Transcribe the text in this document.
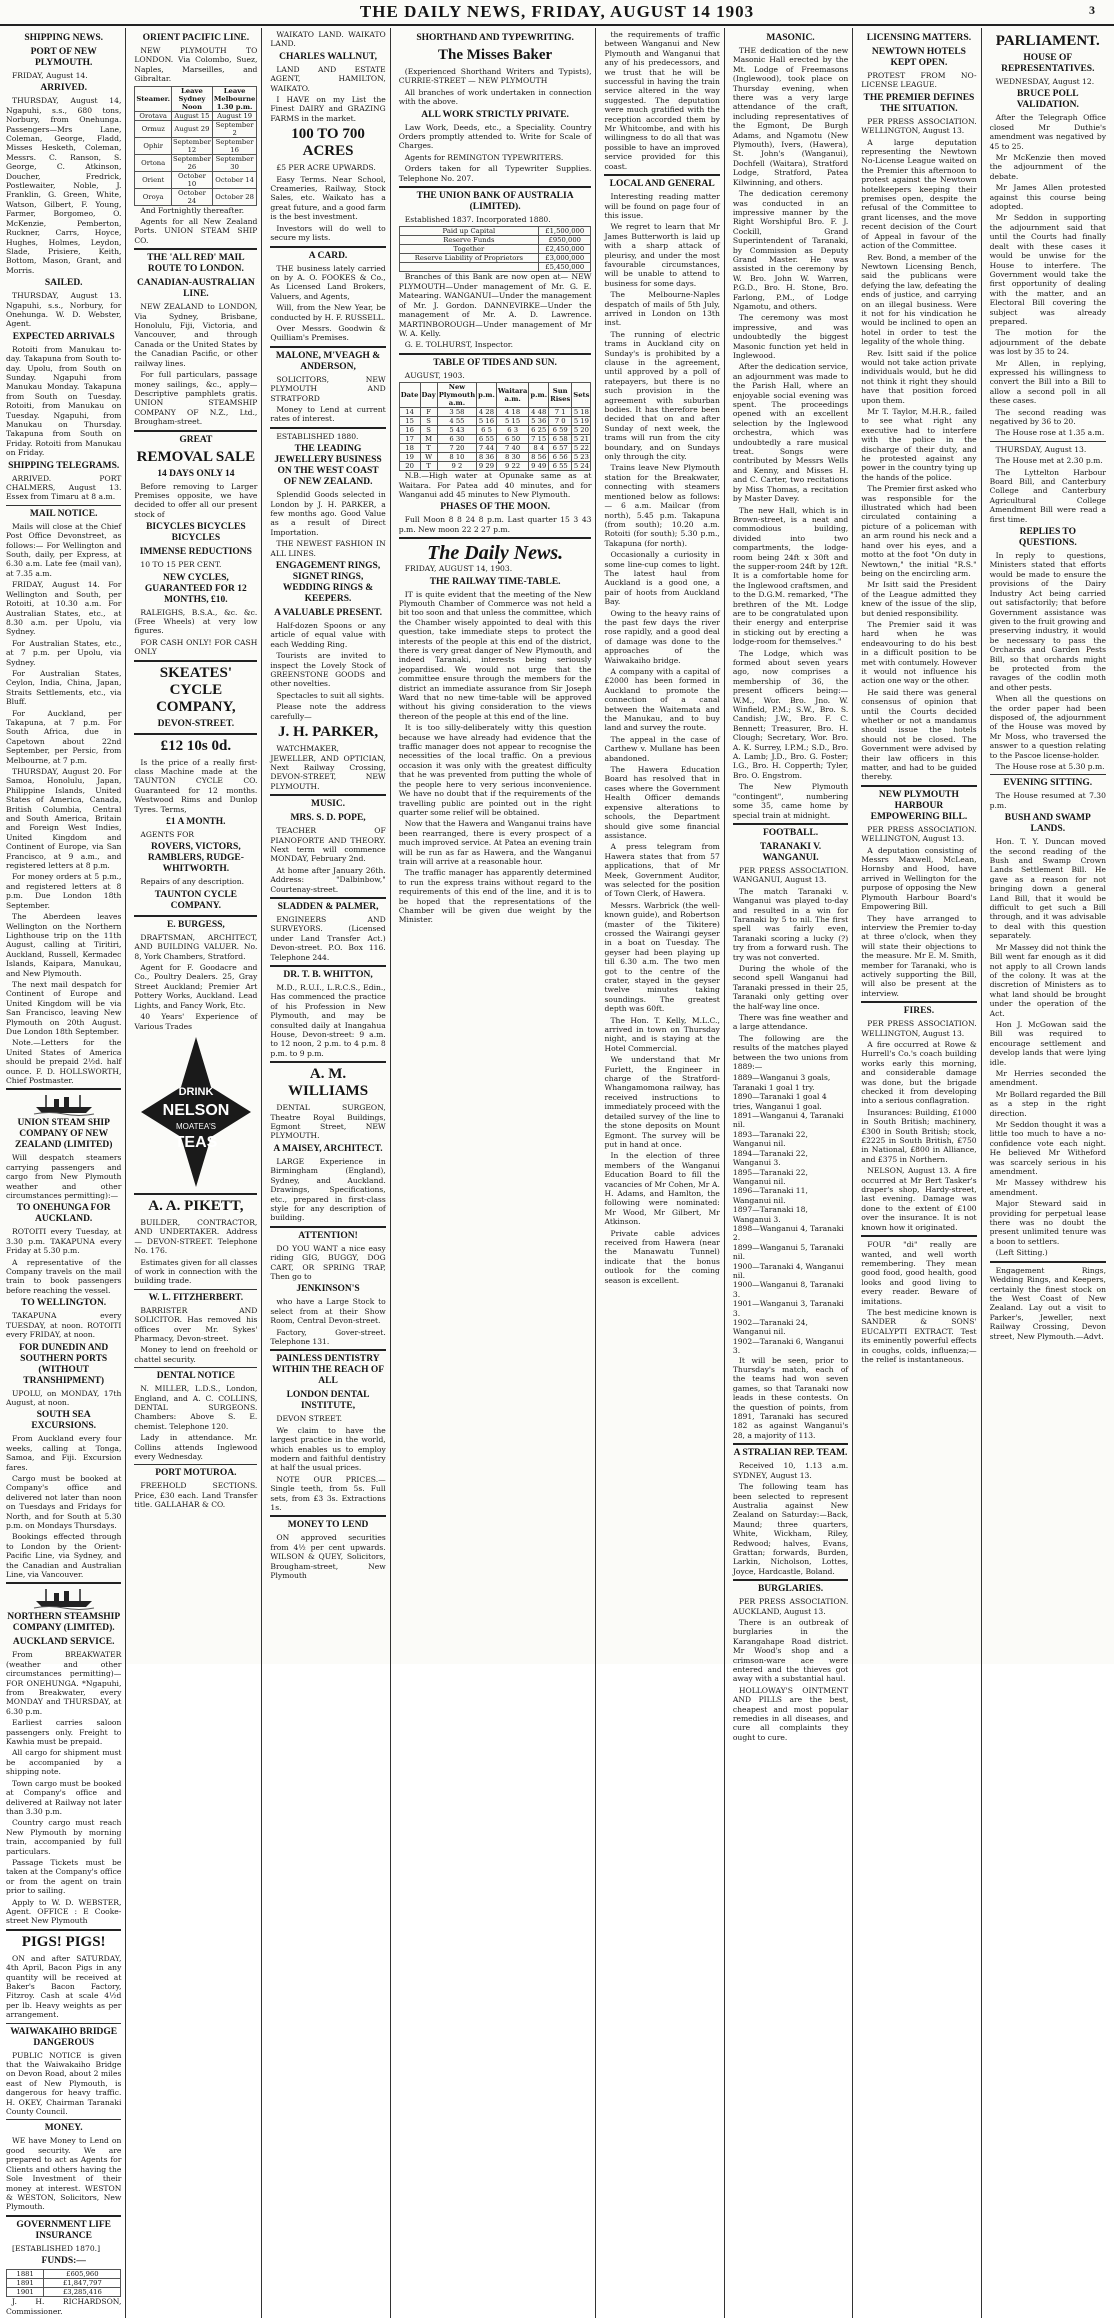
THE DAILY NEWS, FRIDAY, AUGUST 14 1903	3
SHIPPING NEWS.
PORT OF NEW PLYMOUTH.

FRIDAY, August 14.

ARRIVED.

THURSDAY, August 14, Ngapuhi, s.s., 680 tons, Norbury, from Onehunga. Passengers—Mrs Lane, Coleman, George, Fladd, Misses Hesketh, Coleman, Messrs. C. Ranson, S. George, C. Atkinson, Doucher, Fredrick, Postlewaiter, Noble, J. Franklin, G. Green, White, Watson, Gilbert, F. Young, Farmer, Borgomeo, O. McKenzie, Pemberton, Ruckner, Carrs, Hoyce, Hughes, Holmes, Leydon, Slade, Prisiere, Keith, Bottom, Mason, Grant, and Morris.

SAILED.

THURSDAY, August 13. Ngapuhi, s.s., Norbury, for Onehunga. W. D. Webster, Agent.

EXPECTED ARRIVALS

Rotoiti from Manukau to-day. Takapuna from South to-day. Upolu, from South on Sunday. Ngapuhi from Manukau Monday. Takapuna from South on Tuesday. Rotoiti, from Manukau on Tuesday. Ngapuhi, from Manukau on Thursday. Takapuna from South on Friday. Rotoiti from Manukau on Friday.

SHIPPING TELEGRAMS.

ARRIVED. PORT CHALMERS, August 13. Essex from Timaru at 8 a.m.

MAIL NOTICE.

Mails will close at the Chief Post Office Devonstreet, as follows:— For Wellington and South, daily, per Express, at 6.30 a.m. Late fee (mail van), at 7.35 a.m.

FRIDAY, August 14. For Wellington and South, per Rotoiti, at 10.30 a.m. For Australian States, etc., at 8.30 a.m. per Upolu, via Sydney.

For Australian States, etc., at 7 p.m. per Upolu, via Sydney.

For Australian States, Ceylon, India, China, Japan, Straits Settlements, etc., via Bluff.

For Auckland, per Takapuna, at 7 p.m. For South Africa, due in Capetown about 22nd September, per Persic, from Melbourne, at 7 p.m.

THURSDAY, August 20. For Samoa, Honolulu, Japan, Philippine Islands, United States of America, Canada, British Columbia, Central and South America, Britain and Foreign West Indies, United Kingdom and Continent of Europe, via San Francisco, at 9 a.m., and registered letters at 8 p.m.

For money orders at 5 p.m., and registered letters at 8 p.m. Due London 18th September.

The Aberdeen leaves Wellington on the Northern Lighthouse trip on the 11th August, calling at Tiritiri, Auckland, Russell, Kermadec Islands, Kaipara, Manukau, and New Plymouth.

The next mail despatch for Continent of Europe and United Kingdom will be via San Francisco, leaving New Plymouth on 20th August. Due London 18th September.

Note.—Letters for the United States of America should be prepaid 2½d. half ounce. F. D. HOLLSWORTH, Chief Postmaster.

UNION STEAM SHIP COMPANY OF NEW ZEALAND (LIMITED)

Will despatch steamers carrying passengers and cargo from New Plymouth weather and other circumstances permitting):—

TO ONEHUNGA FOR AUCKLAND.

ROTOITI every Tuesday, at 3.30 p.m. TAKAPUNA every Friday at 5.30 p.m.

A representative of the Company travels on the mail train to book passengers before reaching the vessel.

TO WELLINGTON.

TAKAPUNA every TUESDAY, at noon. ROTOITI every FRIDAY, at noon.

FOR DUNEDIN AND SOUTHERN PORTS (WITHOUT TRANSHIPMENT)

UPOLU, on MONDAY, 17th August, at noon.

SOUTH SEA EXCURSIONS.

From Auckland every four weeks, calling at Tonga, Samoa, and Fiji. Excursion fares.

Cargo must be booked at Company's office and delivered not later than noon on Tuesdays and Fridays for North, and for South at 5.30 p.m. on Mondays Thursdays.

Bookings effected through to London by the Orient-Pacific Line, via Sydney, and the Canadian and Australian Line, via Vancouver.

NORTHERN STEAMSHIP COMPANY (LIMITED).
AUCKLAND SERVICE.

From BREAKWATER (weather and other circumstances permitting)— FOR ONEHUNGA. *Ngapuhi, from Breakwater, every MONDAY and THURSDAY, at 6.30 p.m.

Earliest carries saloon passengers only. Freight to Kawhia must be prepaid.

All cargo for shipment must be accompanied by a shipping note.

Town cargo must be booked at Company's office and delivered at Railway not later than 3.30 p.m.

Country cargo must reach New Plymouth by morning train, accompanied by full particulars.

Passage Tickets must be taken at the Company's office or from the agent on train prior to sailing.

Apply to W. D. WEBSTER, Agent. OFFICE : E Cooke-street New Plymouth

PIGS! PIGS!

ON and after SATURDAY, 4th April, Bacon Pigs in any quantity will be received at Baker's Bacon Factory, Fitzroy. Cash at scale 4½d per lb. Heavy weights as per arrangement.

WAIWAKAIHO BRIDGE DANGEROUS

PUBLIC NOTICE is given that the Waiwakaiho Bridge on Devon Road, about 2 miles east of New Plymouth, is dangerous for heavy traffic. H. OKEY, Chairman Taranaki County Council.

MONEY.

WE have Money to Lend on good security. We are prepared to act as Agents for Clients and others having the Sole Investment of their money at interest. WESTON & WESTON, Solicitors, New Plymouth.

GOVERNMENT LIFE INSURANCE

[ESTABLISHED 1870.]

FUNDS:—
1881	£605,960
1891	£1,847,797
1901	£3,285,416

J. H. RICHARDSON, Commissioner.

ORIENT PACIFIC LINE.

NEW PLYMOUTH TO LONDON. Via Colombo, Suez, Naples, Marseilles, and Gibraltar.

Steamer.	Leave Sydney Noon	Leave Melbourne 1.30 p.m.
Orotava	August 15	August 19
Ormuz	August 29	September 2
Ophir	September 12	September 16
Ortona	September 26	September 30
Orient	October 10	October 14
Oroya	October 24	October 28

And Fortnightly thereafter.

Agents for all New Zealand Ports. UNION STEAM SHIP CO.

THE 'ALL RED' MAIL ROUTE TO LONDON.
CANADIAN-AUSTRALIAN LINE.

NEW ZEALAND to LONDON, Via Sydney, Brisbane, Honolulu, Fiji, Victoria, and Vancouver, and through Canada or the United States by the Canadian Pacific, or other railway lines.

For full particulars, passage money sailings, &c., apply— Descriptive pamphlets gratis. UNION STEAMSHIP COMPANY OF N.Z., Ltd., Brougham-street.

GREAT
REMOVAL SALE
14 DAYS ONLY 14

Before removing to Larger Premises opposite, we have decided to offer all our present stock of

BICYCLES BICYCLES BICYCLES
IMMENSE REDUCTIONS

10 TO 15 PER CENT.

NEW CYCLES, GUARANTEED FOR 12 MONTHS, £10.

RALEIGHS, B.S.A., &c. &c. (Free Wheels) at very low figures.

FOR CASH ONLY! FOR CASH ONLY

SKEATES' CYCLE COMPANY,
DEVON-STREET.
£12 10s 0d.

Is the price of a really first-class Machine made at the TAUNTON CYCLE CO. Guaranteed for 12 months. Westwood Rims and Dunlop Tyres. Terms,

£1 A MONTH.

AGENTS FOR

ROVERS, VICTORS, RAMBLERS, RUDGE-WHITWORTH.

Repairs of any description.

TAUNTON CYCLE COMPANY.
E. BURGESS,

DRAFTSMAN, ARCHITECT, AND BUILDING VALUER. No. 8, York Chambers, Stratford.

Agent for F. Goodacre and Co., Poultry Dealers. 25, Gray Street Auckland; Premier Art Pottery Works, Auckland. Lead Lights, and Fancy Work, Etc.

40 Years' Experience of Various Trades

DRINK
NELSON
MOATEA'S
TEAS
A. A. PIKETT,

BUILDER, CONTRACTOR, AND UNDERTAKER. Address — DEVON-STREET. Telephone No. 176.

Estimates given for all classes of work in connection with the building trade.

W. L. FITZHERBERT.

BARRISTER AND SOLICITOR. Has removed his offices over Mr. Sykes' Pharmacy, Devon-street.

Money to lend on freehold or chattel security.

DENTAL NOTICE

N. MILLER, L.D.S., London, England, and A. C. COLLINS, DENTAL SURGEONS. Chambers: Above S. E. chemist. Telephone 120.

Lady in attendance. Mr. Collins attends Inglewood every Wednesday.

PORT MOTUROA.

FREEHOLD SECTIONS. Price, £30 each. Land Transfer title. GALLAHAR & CO.

WAIKATO LAND. WAIKATO LAND.

CHARLES WALLNUT,

LAND AND ESTATE AGENT, HAMILTON, WAIKATO.

I HAVE on my List the Finest DAIRY and GRAZING FARMS in the market.

100 TO 700 ACRES

£5 PER ACRE UPWARDS.

Easy Terms. Near School, Creameries, Railway, Stock Sales, etc. Waikato has a great future, and a good farm is the best investment.

Investors will do well to secure my lists.

A CARD.

THE business lately carried on by A. O. FOOKES & Co., As Licensed Land Brokers, Valuers, and Agents,

Will, from the New Year, be conducted by H. F. RUSSELL.

Over Messrs. Goodwin & Quilliam's Premises.

MALONE, M'VEAGH & ANDERSON,

SOLICITORS, NEW PLYMOUTH AND STRATFORD

Money to Lend at current rates of interest.

ESTABLISHED 1880.

THE LEADING JEWELLERY BUSINESS ON THE WEST COAST OF NEW ZEALAND.

Splendid Goods selected in London by J. H. PARKER, a few months ago. Good Value as a result of Direct Importation.

THE NEWEST FASHION IN ALL LINES.

ENGAGEMENT RINGS, SIGNET RINGS, WEDDING RINGS & KEEPERS.
A VALUABLE PRESENT.

Half-dozen Spoons or any article of equal value with each Wedding Ring.

Tourists are invited to inspect the Lovely Stock of GREENSTONE GOODS and other novelties.

Spectacles to suit all sights.

Please note the address carefully—

J. H. PARKER,

WATCHMAKER, JEWELLER, AND OPTICIAN, Next Railway Crossing, DEVON-STREET, NEW PLYMOUTH.

MUSIC.
MRS. S. D. POPE,

TEACHER OF PIANOFORTE AND THEORY. Next term will commence MONDAY, February 2nd.

At home after January 26th. Address: "Dalbinbow," Courtenay-street.

SLADDEN & PALMER,

ENGINEERS AND SURVEYORS. (Licensed under Land Transfer Act.) Devon-street. P.O. Box 116. Telephone 244.

DR. T. B. WHITTON,

M.D., R.U.I., L.R.C.S., Edin., Has commenced the practice of his Profession in New Plymouth, and may be consulted daily at Inangahua House, Devon-street: 9 a.m. to 12 noon, 2 p.m. to 4 p.m. 8 p.m. to 9 p.m.

A. M. WILLIAMS

DENTAL SURGEON, Theatre Royal Buildings, Egmont Street, NEW PLYMOUTH.

A MAISEY, ARCHITECT.

LARGE Experience in Birmingham (England), Sydney, and Auckland. Drawings, Specifications, etc., prepared in first-class style for any description of building.

ATTENTION!

DO YOU WANT a nice easy riding GIG, BUGGY, DOG CART, OR SPRING TRAP, Then go to

JENKINSON'S

who have a Large Stock to select from at their Show Room, Central Devon-street.

Factory, Gover-street. Telephone 131.

PAINLESS DENTISTRY WITHIN THE REACH OF ALL
LONDON DENTAL INSTITUTE,

DEVON STREET.

We claim to have the largest practice in the world, which enables us to employ modern and faithful dentistry at half the usual prices.

NOTE OUR PRICES.—Single teeth, from 5s. Full sets, from £3 3s. Extractions 1s.

MONEY TO LEND

ON approved securities from 4½ per cent upwards. WILSON & QUEY, Solicitors, Brougham-street, New Plymouth

SHORTHAND AND TYPEWRITING.
The Misses Baker

(Experienced Shorthand Writers and Typists), CURRIE-STREET — NEW PLYMOUTH

All branches of work undertaken in connection with the above.

ALL WORK STRICTLY PRIVATE.

Law Work, Deeds, etc., a Speciality. Country Orders promptly attended to. Write for Scale of Charges.

Agents for REMINGTON TYPEWRITERS.

Orders taken for all Typewriter Supplies. Telephone No. 207.

THE UNION BANK OF AUSTRALIA (LIMITED).

Established 1837. Incorporated 1880.

Paid up Capital	£1,500,000
Reserve Funds	£950,000
Together	£2,450,000
Reserve Liability of Proprietors	£3,000,000
	£5,450,000

Branches of this Bank are now open at— NEW PLYMOUTH—Under management of Mr. G. E. Matearing. WANGANUI—Under the management of Mr. J. Gordon. DANNEVIRKE—Under the management of Mr. A. D. Lawrence. MARTINBOROUGH—Under management of Mr W. A. Kelly.

G. E. TOLHURST, Inspector.

TABLE OF TIDES AND SUN.

AUGUST, 1903.

Date	Day	New Plymouth a.m.	p.m.	Waitara a.m.	p.m.	Sun Rises	Sets
14	F	3 58	4 28	4 18	4 48	7 1	5 18
15	S	4 55	5 16	5 15	5 36	7 0	5 19
16	S	5 43	6 5	6 3	6 25	6 59	5 20
17	M	6 30	6 55	6 50	7 15	6 58	5 21
18	T	7 20	7 44	7 40	8 4	6 57	5 22
19	W	8 10	8 36	8 30	8 56	6 56	5 23
20	T	9 2	9 29	9 22	9 49	6 55	5 24

N.B.—High water at Opunake same as at Waitara. For Patea add 40 minutes, and for Wanganui add 45 minutes to New Plymouth.

PHASES OF THE MOON.

Full Moon 8 8 24 8 p.m. Last quarter 15 3 43 p.m. New moon 22 2 27 p.m.

The Daily News.

FRIDAY, AUGUST 14, 1903.

THE RAILWAY TIME-TABLE.

IT is quite evident that the meeting of the New Plymouth Chamber of Commerce was not held a bit too soon and that unless the committee, which the Chamber wisely appointed to deal with this question, take immediate steps to protect the interests of the people at this end of the district, there is very great danger of New Plymouth, and indeed Taranaki, interests being seriously jeopardised. We would not urge that the committee ensure through the members for the district an immediate assurance from Sir Joseph Ward that no new time-table will be approved without his giving consideration to the views thereon of the people at this end of the line.

It is too silly-deliberately witty this question because we have already had evidence that the traffic manager does not appear to recognise the necessities of the local traffic. On a previous occasion it was only with the greatest difficulty that he was prevented from putting the whole of the people here to very serious inconvenience. We have no doubt that if the requirements of the travelling public are pointed out in the right quarter some relief will be obtained.

Now that the Hawera and Wanganui trains have been rearranged, there is every prospect of a much improved service. At Patea an evening train will be run as far as Hawera, and the Wanganui train will arrive at a reasonable hour.

The traffic manager has apparently determined to run the express trains without regard to the requirements of this end of the line, and it is to be hoped that the representations of the Chamber will be given due weight by the Minister.

the requirements of traffic between Wanganui and New Plymouth and Wanganui that any of his predecessors, and we trust that he will be successful in having the train service altered in the way suggested. The deputation were much gratified with the reception accorded them by Mr Whitcombe, and with his willingness to do all that was possible to have an improved service provided for this coast.

LOCAL AND GENERAL

Interesting reading matter will be found on page four of this issue.

We regret to learn that Mr James Butterworth is laid up with a sharp attack of pleurisy, and under the most favourable circumstances, will be unable to attend to business for some days.

The Melbourne-Naples despatch of mails of 5th July, arrived in London on 13th inst.

The running of electric trams in Auckland city on Sunday's is prohibited by a clause in the agreement, until approved by a poll of ratepayers, but there is no such provision in the agreement with suburban bodies. It has therefore been decided that on and after Sunday of next week, the trams will run from the city boundary, and on Sundays only through the city.

Trains leave New Plymouth station for the Breakwater, connecting with steamers mentioned below as follows:— 6 a.m. Mailcar (from north), 5.45 p.m. Takapuna (from south); 10.20 a.m. Rotoiti (for south); 5.30 p.m., Takapuna (for north).

Occasionally a curiosity in some line-cup comes to light. The latest haul from Auckland is a good one, a pair of hoots from Auckland Bay.

Owing to the heavy rains of the past few days the river rose rapidly, and a good deal of damage was done to the approaches of the Waiwakaiho bridge.

A company with a capital of £2000 has been formed in Auckland to promote the connection of a canal between the Waitemata and the Manukau, and to buy land and survey the route.

The appeal in the case of Carthew v. Mullane has been abandoned.

The Hawera Education Board has resolved that in cases where the Government Health Officer demands expensive alterations to schools, the Department should give some financial assistance.

A press telegram from Hawera states that from 57 applications, that of Mr Meek, Government Auditor, was selected for the position of Town Clerk, of Hawera.

Messrs. Warbrick (the well-known guide), and Robertson (master of the Tikitere) crossed the Wairangi geyser in a boat on Tuesday. The geyser had been playing up till 6.30 a.m. The two men got to the centre of the crater, stayed in the geyser twelve minutes taking soundings. The greatest depth was 60ft.

The Hon. T. Kelly, M.L.C., arrived in town on Thursday night, and is staying at the Hotel Commercial.

We understand that Mr Furlett, the Engineer in charge of the Stratford-Whangamomona railway, has received instructions to immediately proceed with the detailed survey of the line to the stone deposits on Mount Egmont. The survey will be put in hand at once.

In the election of three members of the Wanganui Education Board to fill the vacancies of Mr Cohen, Mr A. H. Adams, and Hamlton, the following were nominated: Mr Wood, Mr Gilbert, Mr Atkinson.

Private cable advices received from Hawera (near the Manawatu Tunnel) indicate that the bonus outlook for the coming season is excellent.

MASONIC.

THE dedication of the new Masonic Hall erected by the Mt. Lodge of Freemasons (Inglewood), took place on Thursday evening, when there was a very large attendance of the craft, including representatives of the Egmont, De Burgh Adams, and Ngamotu (New Plymouth), Ivers, (Hawera), St. John's (Wanganui), Dochfell (Waitara), Stratford Lodge, Stratford, Patea Kilwinning, and others.

The dedication ceremony was conducted in an impressive manner by the Right Worshipful Bro. F. J. Cockill, Grand Superintendent of Taranaki, by Commission as Deputy Grand Master. He was assisted in the ceremony by W. Bro. John W. Warren, P.G.D., Bro. H. Stone, Bro. Farlong, P.M., of Lodge Ngamotu, and others.

The ceremony was most impressive, and was undoubtedly the biggest Masonic function yet held in Inglewood.

After the dedication service, an adjournment was made to the Parish Hall, where an enjoyable social evening was spent. The proceedings opened with an excellent selection by the Inglewood orchestra, which was undoubtedly a rare musical treat. Songs were contributed by Messrs Wells and Kenny, and Misses H. and C. Carter, two recitations by Miss Thomas, a recitation by Master Davey.

The new Hall, which is in Brown-street, is a neat and commodious building, divided into two compartments, the lodge-room being 24ft x 30ft and the supper-room 24ft by 12ft. It is a comfortable home for the Inglewood craftsmen, and to the D.G.M. remarked, "The brethren of the Mt. Lodge are to be congratulated upon their energy and enterprise in sticking out by erecting a lodge-room for themselves."

The Lodge, which was formed about seven years ago, now comprises a membership of 36, the present officers being:—W.M., Wor. Bro. Jno. W. Winfield, P.M.; S.W., Bro. S. Candish; J.W., Bro. F. C. Bennett; Treasurer, Bro. H. Clough; Secretary, Wor. Bro. A. K. Surrey, I.P.M.; S.D., Bro. A. Lamb; J.D., Bro. G. Foster; I.G., Bro. H. Copperth; Tyler, Bro. O. Engstrom.

The New Plymouth "contingent", numbering some 35, came home by special train at midnight.

FOOTBALL.
TARANAKI V. WANGANUI.

PER PRESS ASSOCIATION. WANGANUI, August 13.

The match Taranaki v. Wanganui was played to-day and resulted in a win for Taranaki by 5 to nil. The first spell was fairly even, Taranaki scoring a lucky (?) try from a forward rush. The try was not converted.

During the whole of the second spell Wanganui had Taranaki pressed in their 25, Taranaki only getting over the half-way line once.

There was fine weather and a large attendance.

The following are the results of the matches played between the two unions from 1889:—

1889—Wanganui 3 goals, Taranaki 1 goal 1 try.
1890—Taranaki 1 goal 4 tries, Wanganui 1 goal.
1891—Wanganui 4, Taranaki nil.
1893—Taranaki 22, Wanganui nil.
1894—Taranaki 22, Wanganui 3.
1895—Taranaki 22, Wanganui nil.
1896—Taranaki 11, Wanganui nil.
1897—Taranaki 18, Wanganui 3.
1898—Wanganui 4, Taranaki 2.
1899—Wanganui 5, Taranaki nil.
1900—Taranaki 4, Wanganui nil.
1900—Wanganui 8, Taranaki 3.
1901—Wanganui 3, Taranaki 3.
1902—Taranaki 24, Wanganui nil.
1902—Taranaki 6, Wanganui 3.

It will be seen, prior to Thursday's match, each of the teams had won seven games, so that Taranaki now leads in these contests. On the question of points, from 1891, Taranaki has secured 182 as against Wanganui's 28, a majority of 113.

A STRALIAN REP. TEAM.

Received 10, 1.13 a.m. SYDNEY, August 13.

The following team has been selected to represent Australia against New Zealand on Saturday:—Back, Maund; three quarters, White, Wickham, Riley, Redwood; halves, Evans, Grattan; forwards, Burden, Larkin, Nicholson, Lottes, Joyce, Hardcastle, Boland.

BURGLARIES.

PER PRESS ASSOCIATION. AUCKLAND, August 13.

There is an outbreak of burglaries in the Karangahape Road district. Mr Wood's shop and a crimson-ware ace were entered and the thieves got away with a substantial haul.

HOLLOWAY'S OINTMENT AND PILLS are the best, cheapest and most popular remedies in all diseases, and cure all complaints they ought to cure.

LICENSING MATTERS.
NEWTOWN HOTELS KEPT OPEN.

PROTEST FROM NO-LICENSE LEAGUE.

THE PREMIER DEFINES THE SITUATION.

PER PRESS ASSOCIATION. WELLINGTON, August 13.

A large deputation representing the Newtown No-License League waited on the Premier this afternoon to protest against the Newtown hotelkeepers keeping their premises open, despite the refusal of the Committee to grant licenses, and the move recent decision of the Court of Appeal in favour of the action of the Committee.

Rev. Bond, a member of the Newtown Licensing Bench, said the publicans were defying the law, defeating the ends of justice, and carrying on an illegal business. Were it not for his vindication he would be inclined to open an hotel in order to test the legality of the whole thing.

Rev. Isitt said if the police would not take action private individuals would, but he did not think it right they should have that position forced upon them.

Mr T. Taylor, M.H.R., failed to see what right any executive had to interfere with the police in the discharge of their duty, and he protested against any power in the country tying up the hands of the police.

The Premier first asked who was responsible for the illustrated which had been circulated containing a picture of a policeman with an arm round his neck and a hand over his eyes, and a motto at the foot "On duty in Newtown," the initial "R.S." being on the encircling arm.

Mr Isitt said the President of the League admitted they knew of the issue of the slip, but denied responsibility.

The Premier said it was hard when he was endeavouring to do his best in a difficult position to be met with contumely. However it would not influence his action one way or the other.

He said there was general consensus of opinion that until the Courts decided whether or not a mandamus should issue the hotels should not be closed. The Government were advised by their law officers in this matter, and had to be guided thereby.

NEW PLYMOUTH HARBOUR EMPOWERING BILL.

PER PRESS ASSOCIATION. WELLINGTON, August 13.

A deputation consisting of Messrs Maxwell, McLean, Hornsby and Hood, have arrived in Wellington for the purpose of opposing the New Plymouth Harbour Board's Empowering Bill.

They have arranged to interview the Premier to-day at three o'clock, when they will state their objections to the measure. Mr E. M. Smith, member for Taranaki, who is actively supporting the Bill, will also be present at the interview.

FIRES.

PER PRESS ASSOCIATION. WELLINGTON, August 13.

A fire occurred at Rowe & Hurrell's Co.'s coach building works early this morning, and considerable damage was done, but the brigade checked it from developing into a serious conflagration.

Insurances: Building, £1000 in South British; machinery, £300 in South British; stock, £2225 in South British, £750 in National, £800 in Alliance, and £375 in Northern.

NELSON, August 13. A fire occurred at Mr Bert Tasker's draper's shop, Hardy-street, last evening. Damage was done to the extent of £100 over the insurance. It is not known how it originated.

FOUR "di" really are wanted, and well worth remembering. They mean good food, good health, good looks and good living to every reader. Beware of imitations.

The best medicine known is SANDER & SONS' EUCALYPTI EXTRACT. Test its eminently powerful effects in coughs, colds, influenza;—the relief is instantaneous.

PARLIAMENT.
HOUSE OF REPRESENTATIVES.

WEDNESDAY, August 12.

BRUCE POLL VALIDATION.

After the Telegraph Office closed Mr Duthie's amendment was negatived by 45 to 25.

Mr McKenzie then moved the adjournment of the debate.

Mr James Allen protested against this course being adopted.

Mr Seddon in supporting the adjournment said that until the Courts had finally dealt with these cases it would be unwise for the House to interfere. The Government would take the first opportunity of dealing with the matter, and an Electoral Bill covering the subject was already prepared.

The motion for the adjournment of the debate was lost by 35 to 24.

Mr Allen, in replying, expressed his willingness to convert the Bill into a Bill to allow a second poll in all these cases.

The second reading was negatived by 36 to 20.

The House rose at 1.35 a.m.

THURSDAY, August 13.

The House met at 2.30 p.m.

The Lyttelton Harbour Board Bill, and Canterbury College and Canterbury Agricultural College Amendment Bill were read a first time.

REPLIES TO QUESTIONS.

In reply to questions, Ministers stated that efforts would be made to ensure the provisions of the Dairy Industry Act being carried out satisfactorily; that before Government assistance was given to the fruit growing and preserving industry, it would be necessary to pass the Orchards and Garden Pests Bill, so that orchards might be protected from the ravages of the codlin moth and other pests.

When all the questions on the order paper had been disposed of, the adjournment of the House was moved by Mr Moss, who traversed the answer to a question relating to the Pascoe license-holder.

The House rose at 5.30 p.m.

EVENING SITTING.

The House resumed at 7.30 p.m.

BUSH AND SWAMP LANDS.

Hon. T. Y. Duncan moved the second reading of the Bush and Swamp Crown Lands Settlement Bill. He gave as a reason for not bringing down a general Land Bill, that it would be difficult to get such a Bill through, and it was advisable to deal with this question separately.

Mr Massey did not think the Bill went far enough as it did not apply to all Crown lands of the colony. It was at the discretion of Ministers as to what land should be brought under the operation of the Act.

Hon J. McGowan said the Bill was required to encourage settlement and develop lands that were lying idle.

Mr Herries seconded the amendment.

Mr Bollard regarded the Bill as a step in the right direction.

Mr Seddon thought it was a little too much to have a no-confidence vote each night. He believed Mr Witheford was scarcely serious in his amendment.

Mr Massey withdrew his amendment.

Major Steward said in providing for perpetual lease there was no doubt the present unlimited tenure was a boon to settlers.

(Left Sitting.)

Engagement Rings, Wedding Rings, and Keepers, certainly the finest stock on the West Coast of New Zealand. Lay out a visit to Parker's, Jeweller, next Railway Crossing, Devon street, New Plymouth.—Advt.
